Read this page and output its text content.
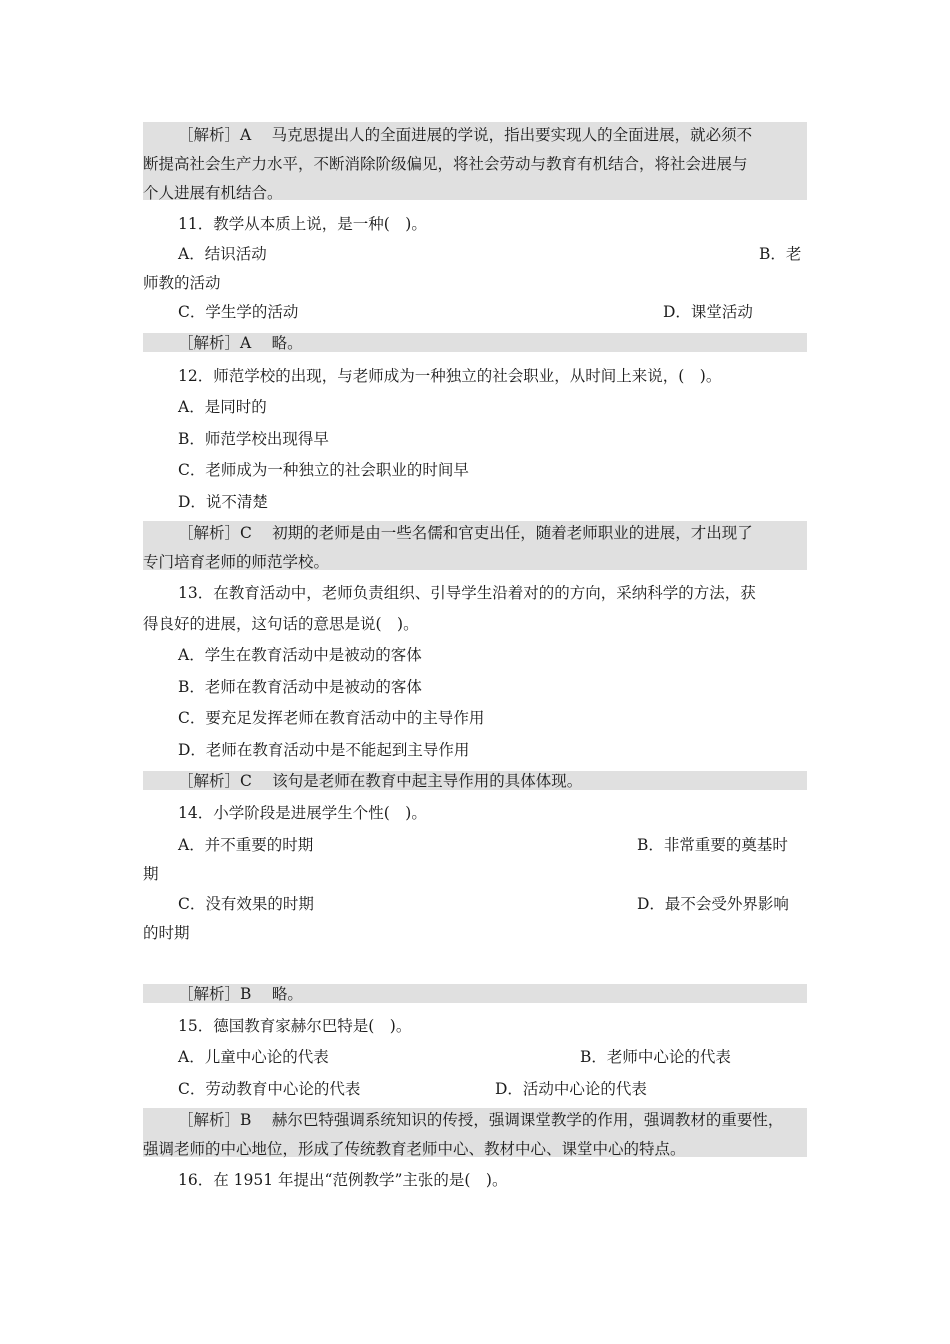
［解析］A　 马克思提出人的全面进展的学说，指出要实现人的全面进展，就必须不
断提高社会生产力水平，不断消除阶级偏见，将社会劳动与教育有机结合，将社会进展与
个人进展有机结合。
11．教学从本质上说，是一种(　)。
A．结识活动	B．老
师教的活动
C．学生学的活动	D．课堂活动
［解析］A　 略。
12．师范学校的出现，与老师成为一种独立的社会职业，从时间上来说，(　)。
A．是同时的
B．师范学校出现得早
C．老师成为一种独立的社会职业的时间早
D．说不清楚
［解析］C　 初期的老师是由一些名儒和官吏出任，随着老师职业的进展，才出现了
专门培育老师的师范学校。
13．在教育活动中，老师负责组织、引导学生沿着对的的方向，采纳科学的方法，获
得良好的进展，这句话的意思是说(　)。
A．学生在教育活动中是被动的客体
B．老师在教育活动中是被动的客体
C．要充足发挥老师在教育活动中的主导作用
D．老师在教育活动中是不能起到主导作用
［解析］C　 该句是老师在教育中起主导作用的具体体现。
14．小学阶段是进展学生个性(　)。
A．并不重要的时期	B．非常重要的奠基时
期
C．没有效果的时期	D．最不会受外界影响
的时期
［解析］B　 略。
15．德国教育家赫尔巴特是(　)。
A．儿童中心论的代表	B．老师中心论的代表
C．劳动教育中心论的代表	D．活动中心论的代表
［解析］B　 赫尔巴特强调系统知识的传授，强调课堂教学的作用，强调教材的重要性，
强调老师的中心地位，形成了传统教育老师中心、教材中心、课堂中心的特点。
16．在 1951 年提出“范例教学”主张的是(　)。
